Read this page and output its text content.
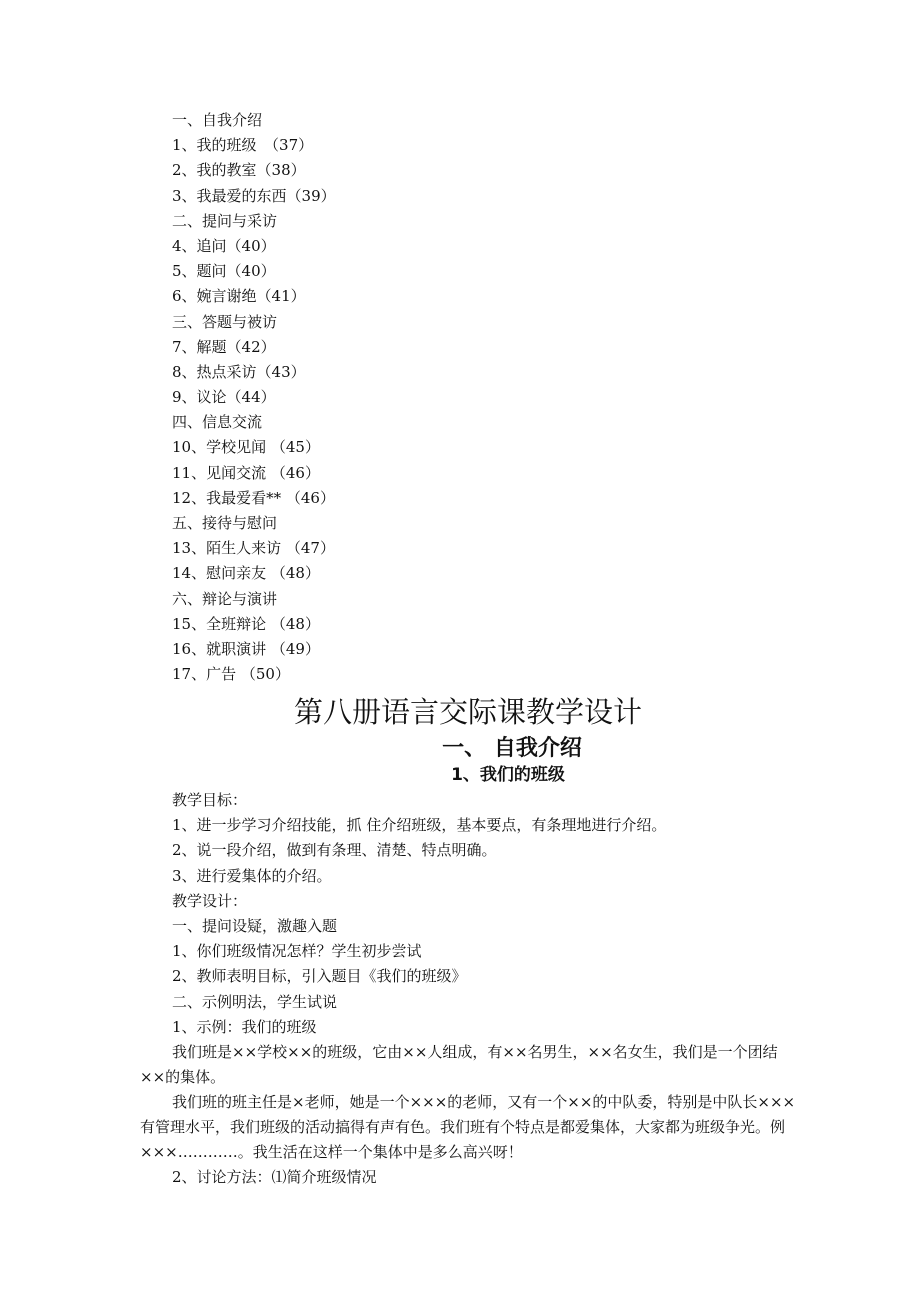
一、自我介绍
1、我的班级　（37）
2、我的教室（38）
3、我最爱的东西（39）
二、提问与采访
4、追问（40）
5、题问（40）
6、婉言谢绝（41）
三、答题与被访
7、解题（42）
8、热点采访（43）
9、议论（44）
四、信息交流
10、学校见闻 （45）
11、见闻交流 （46）
12、我最爱看** （46）
五、接待与慰问
13、陌生人来访 （47）
14、慰问亲友 （48）
六、辩论与演讲
15、全班辩论 （48）
16、就职演讲 （49）
17、广告 （50）
第八册语言交际课教学设计
一、 自我介绍
1、我们的班级
教学目标：
1、进一步学习介绍技能，抓 住介绍班级，基本要点，有条理地进行介绍。
2、说一段介绍，做到有条理、清楚、特点明确。
3、进行爱集体的介绍。
教学设计：
一、提问设疑，激趣入题
1、你们班级情况怎样？学生初步尝试
2、教师表明目标，引入题目《我们的班级》
二、示例明法，学生试说
1、示例：我们的班级

我们班是××学校××的班级，它由××人组成，有××名男生，××名女生，我们是一个团结××的集体。

我们班的班主任是×老师，她是一个×××的老师，又有一个××的中队委，特别是中队长×××有管理水平，我们班级的活动搞得有声有色。我们班有个特点是都爱集体，大家都为班级争光。例×××…………。我生活在这样一个集体中是多么高兴呀！

2、讨论方法：⑴简介班级情况
